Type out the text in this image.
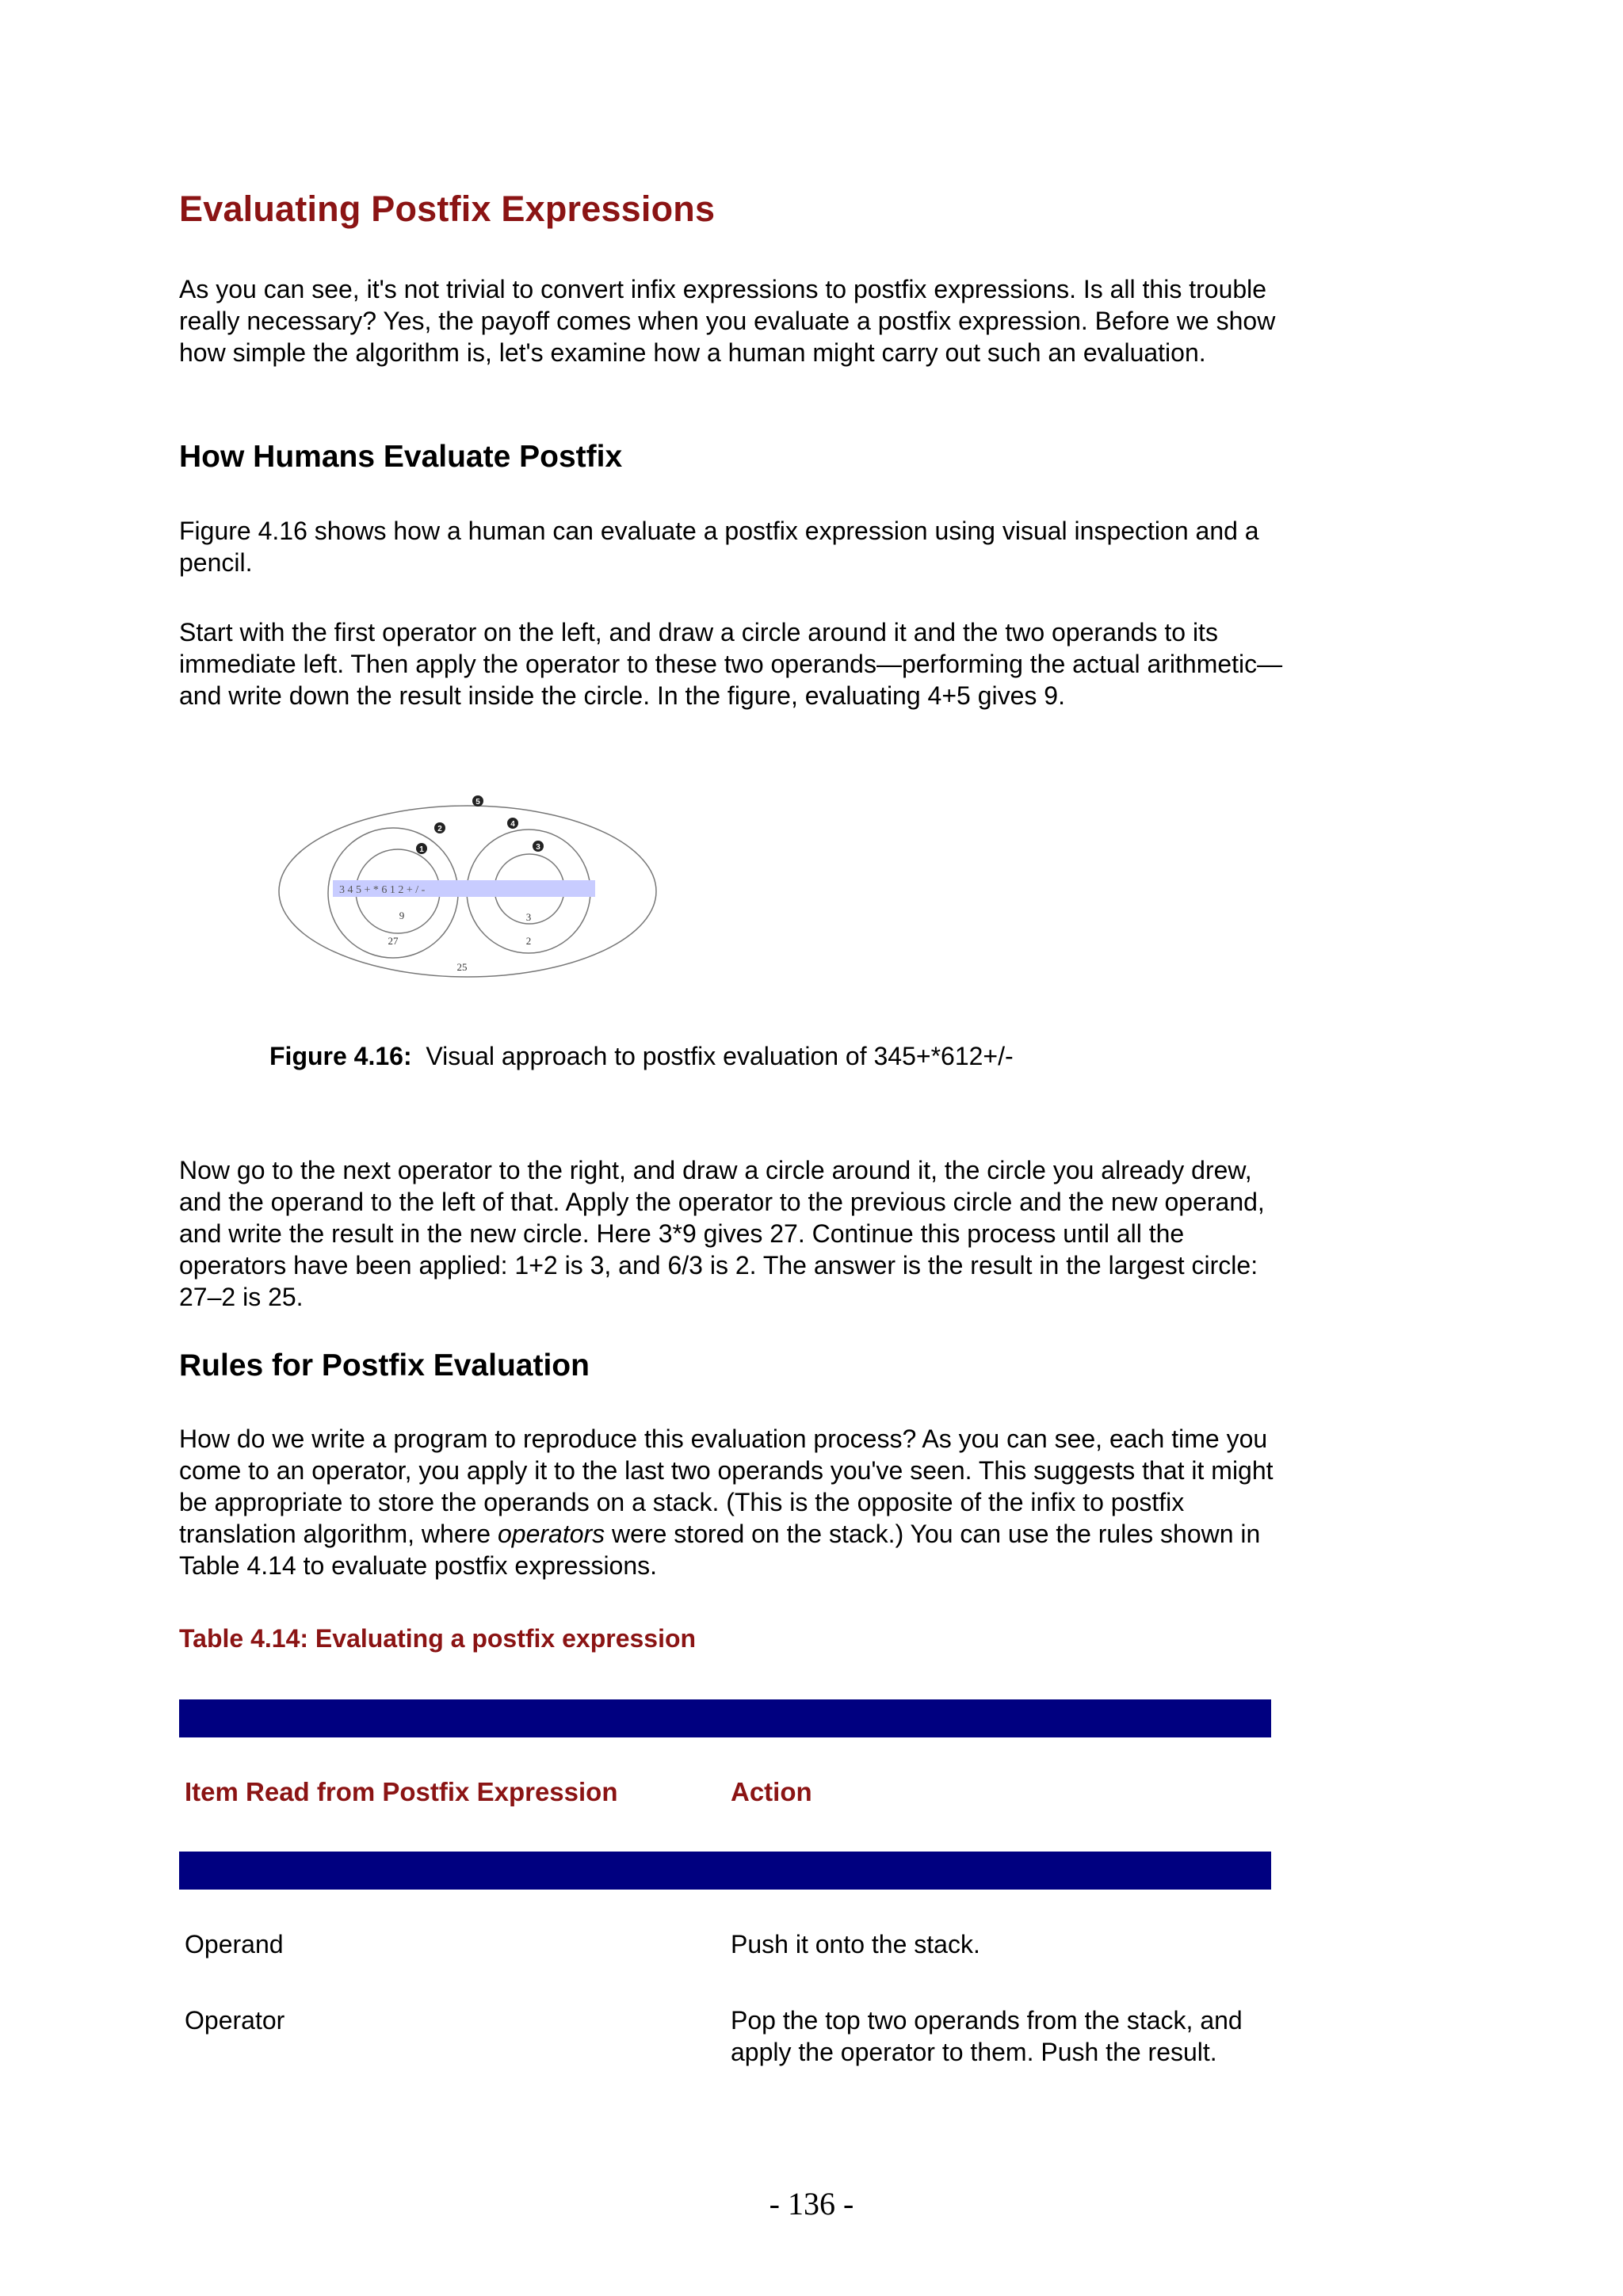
Evaluating Postfix Expressions

As you can see, it's not trivial to convert infix expressions to postfix expressions. Is all this trouble really necessary? Yes, the payoff comes when you evaluate a postfix expression. Before we show how simple the algorithm is, let's examine how a human might carry out such an evaluation.

How Humans Evaluate Postfix

Figure 4.16 shows how a human can evaluate a postfix expression using visual inspection and a pencil.

Start with the first operator on the left, and draw a circle around it and the two operands to its immediate left. Then apply the operator to these two operands—performing the actual arithmetic—and write down the result inside the circle. In the figure, evaluating 4+5 gives 9.

3 4 5 + * 6 1 2 + / -
9
27
3
2
25
1
2
3
4
5
Figure 4.16: Visual approach to postfix evaluation of 345+*612+/-

Now go to the next operator to the right, and draw a circle around it, the circle you already drew, and the operand to the left of that. Apply the operator to the previous circle and the new operand, and write the result in the new circle. Here 3*9 gives 27. Continue this process until all the operators have been applied: 1+2 is 3, and 6/3 is 2. The answer is the result in the largest circle: 27–2 is 25.

Rules for Postfix Evaluation

How do we write a program to reproduce this evaluation process? As you can see, each time you come to an operator, you apply it to the last two operands you've seen. This suggests that it might be appropriate to store the operands on a stack. (This is the opposite of the infix to postfix translation algorithm, where operators were stored on the stack.) You can use the rules shown in Table 4.14 to evaluate postfix expressions.

Table 4.14: Evaluating a postfix expression

Item Read from Postfix Expression	Action
Operand	Push it onto the stack.
Operator	Pop the top two operands from the stack, and apply the operator to them. Push the result.
- 136 -
